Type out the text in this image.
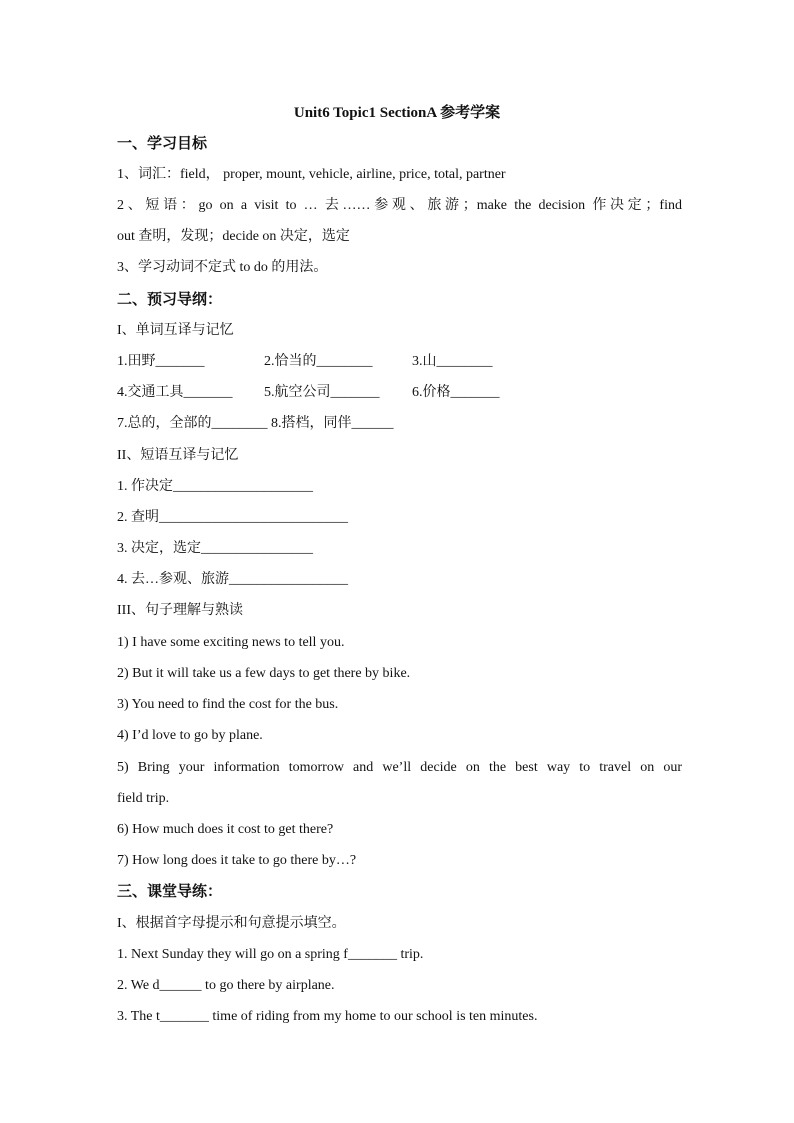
Unit6 Topic1 SectionA 参考学案
一、学习目标
1、词汇：field， proper, mount, vehicle, airline, price, total, partner
2、短语：go on a visit to … 去……参观、旅游；make the decision 作决定；find
out 查明，发现；decide on 决定，选定
3、学习动词不定式 to do 的用法。
二、预习导纲：
I、单词互译与记忆
1.田野_______	2.恰当的________	3.山________
4.交通工具_______ 5.航空公司_______ 6.价格_______
7.总的，全部的________ 8.搭档，同伴______
II、短语互译与记忆
1. 作决定____________________
2. 查明___________________________
3. 决定，选定________________
4. 去…参观、旅游_________________
III、句子理解与熟读
1) I have some exciting news to tell you.
2) But it will take us a few days to get there by bike.
3) You need to find the cost for the bus.
4) I’d love to go by plane.
5) Bring your information tomorrow and we’ll decide on the best way to travel on our
field trip.
6) How much does it cost to get there?
7) How long does it take to go there by…?
三、课堂导练：
I、根据首字母提示和句意提示填空。
1. Next Sunday they will go on a spring f_______ trip.
2. We d______ to go there by airplane.
3. The t_______ time of riding from my home to our school is ten minutes.
